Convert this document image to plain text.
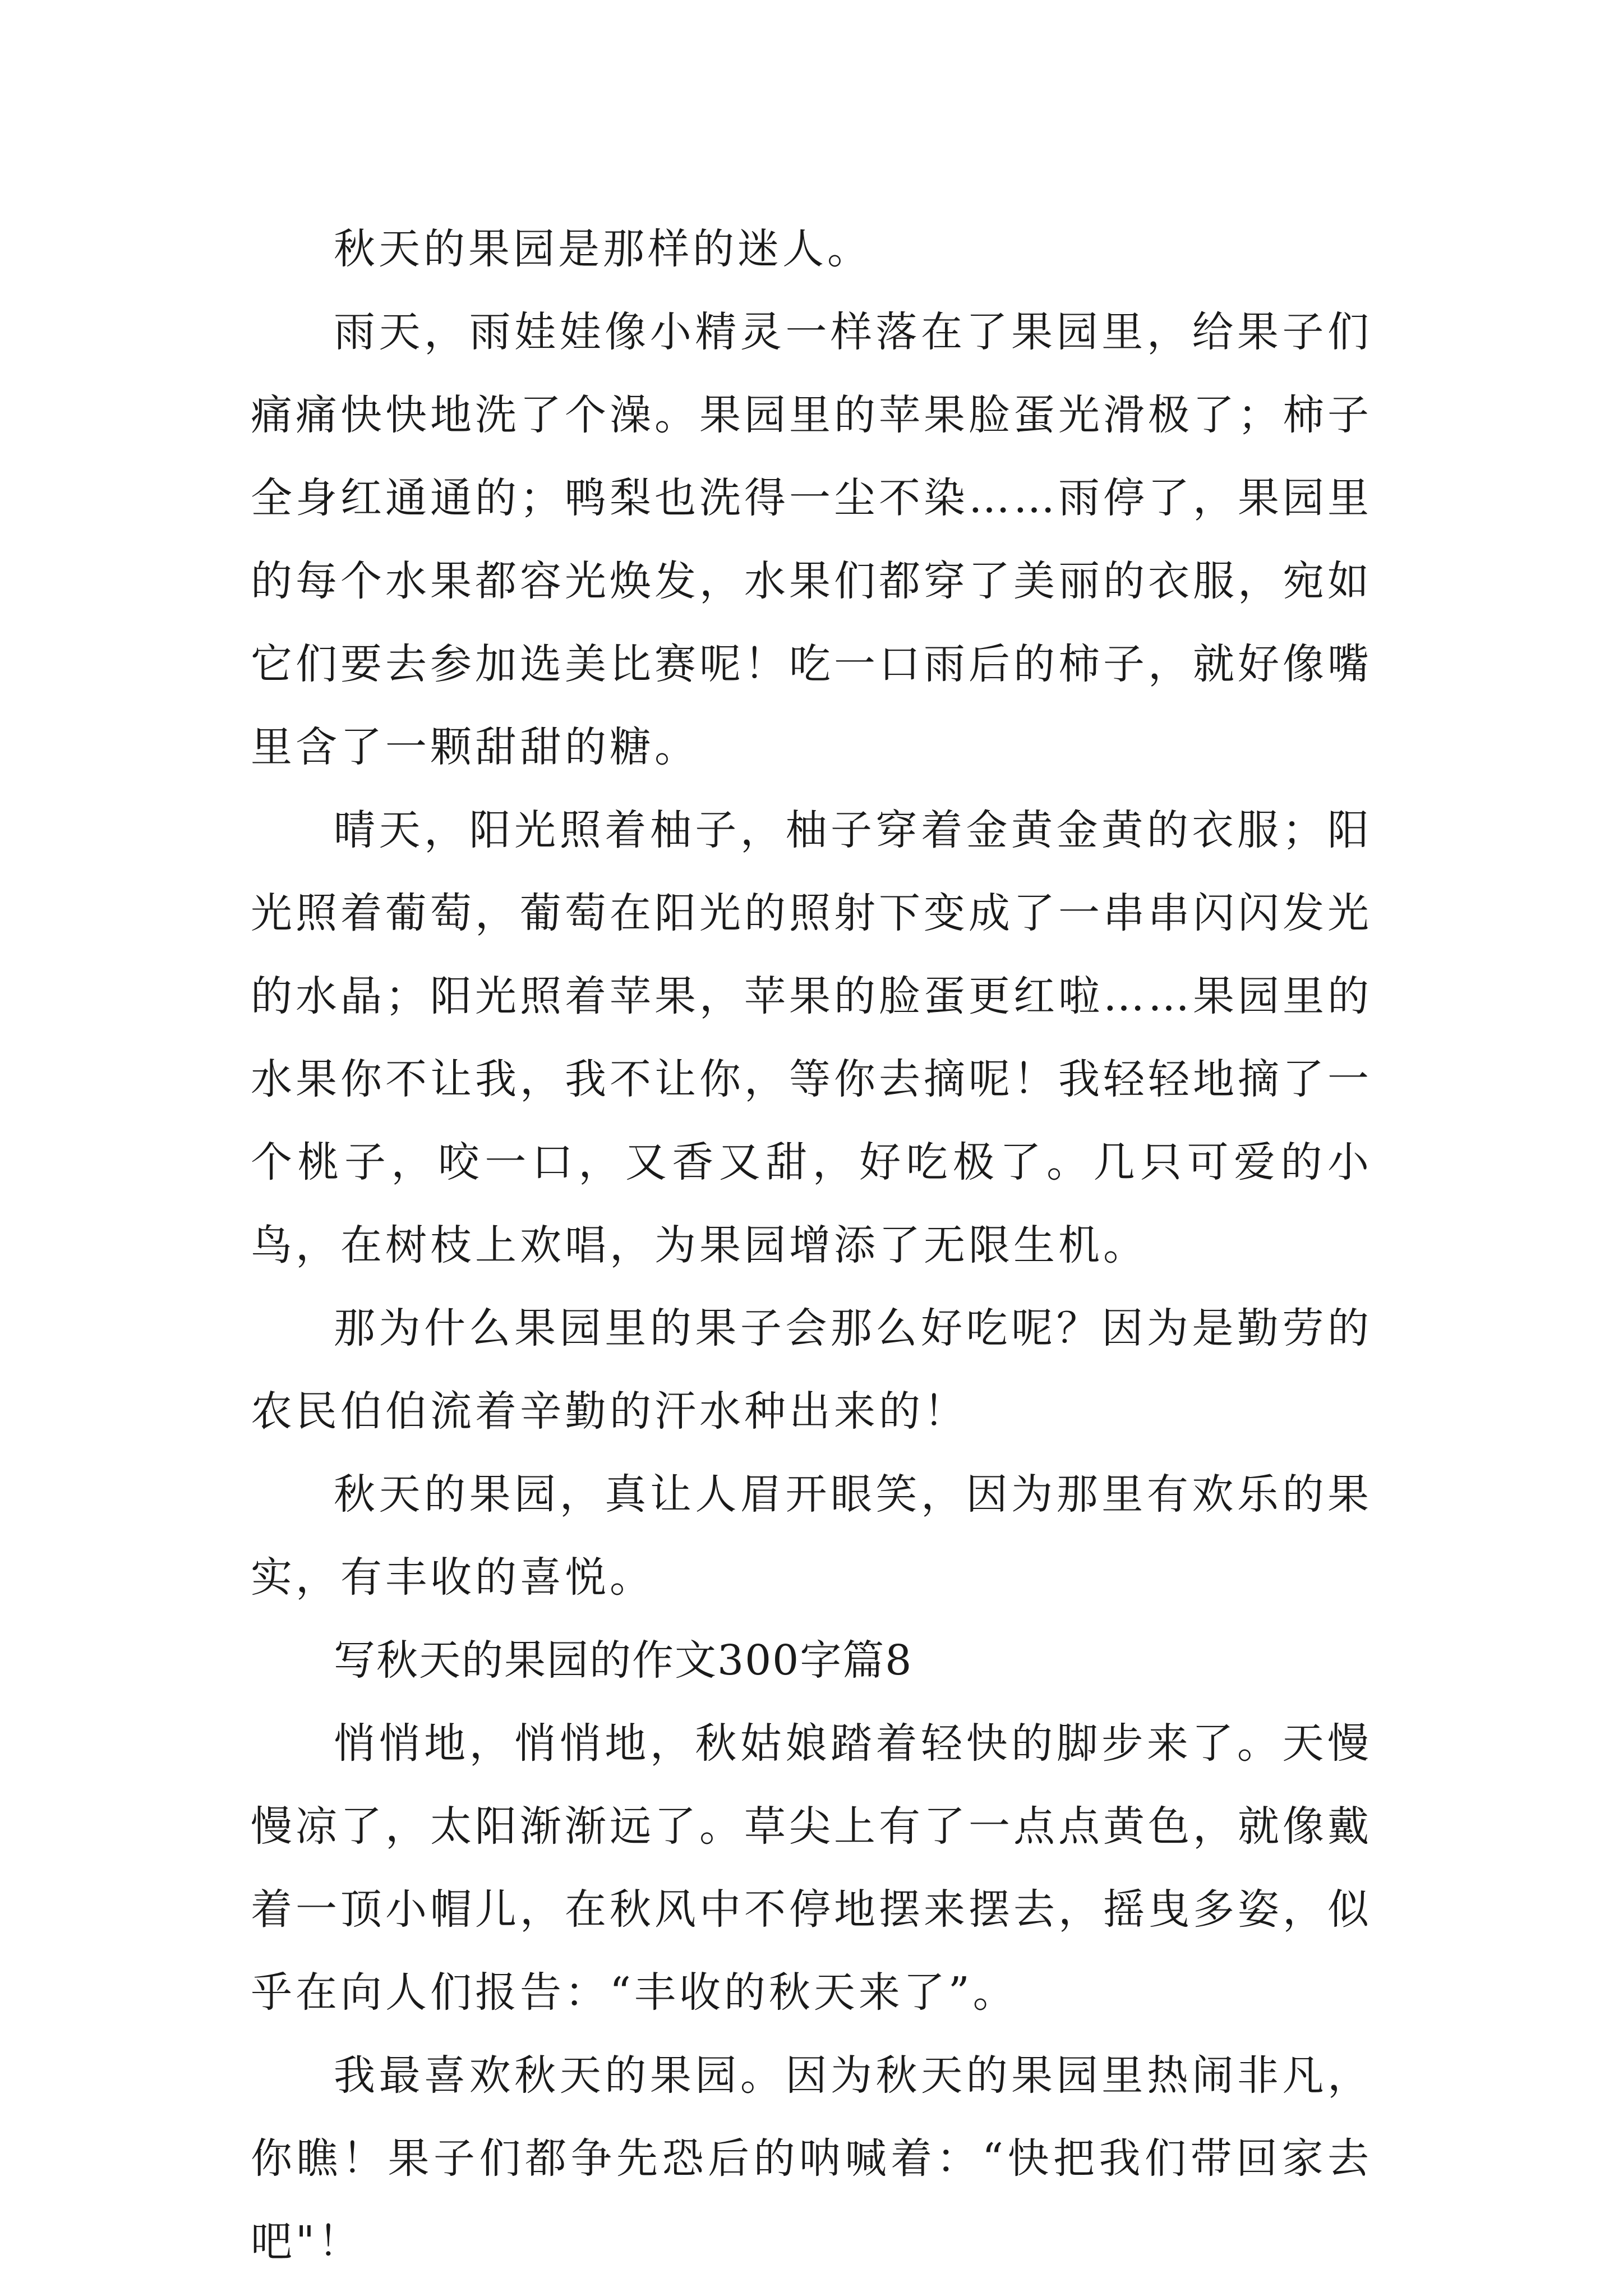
秋天的果园是那样的迷人。

雨天，雨娃娃像小精灵一样落在了果园里，给果子们痛痛快快地洗了个澡。果园里的苹果脸蛋光滑极了；柿子全身红通通的；鸭梨也洗得一尘不染……雨停了，果园里的每个水果都容光焕发，水果们都穿了美丽的衣服，宛如它们要去参加选美比赛呢！吃一口雨后的柿子，就好像嘴里含了一颗甜甜的糖。

晴天，阳光照着柚子，柚子穿着金黄金黄的衣服；阳光照着葡萄，葡萄在阳光的照射下变成了一串串闪闪发光的水晶；阳光照着苹果，苹果的脸蛋更红啦……果园里的水果你不让我，我不让你，等你去摘呢！我轻轻地摘了一个桃子，咬一口，又香又甜，好吃极了。几只可爱的小鸟，在树枝上欢唱，为果园增添了无限生机。

那为什么果园里的果子会那么好吃呢？因为是勤劳的农民伯伯流着辛勤的汗水种出来的！

秋天的果园，真让人眉开眼笑，因为那里有欢乐的果实，有丰收的喜悦。

写秋天的果园的作文300字篇8

悄悄地，悄悄地，秋姑娘踏着轻快的脚步来了。天慢慢凉了，太阳渐渐远了。草尖上有了一点点黄色，就像戴着一顶小帽儿，在秋风中不停地摆来摆去，摇曳多姿，似乎在向人们报告：“丰收的秋天来了”。

我最喜欢秋天的果园。因为秋天的果园里热闹非凡，你瞧！果子们都争先恐后的呐喊着：“快把我们带回家去吧"！
